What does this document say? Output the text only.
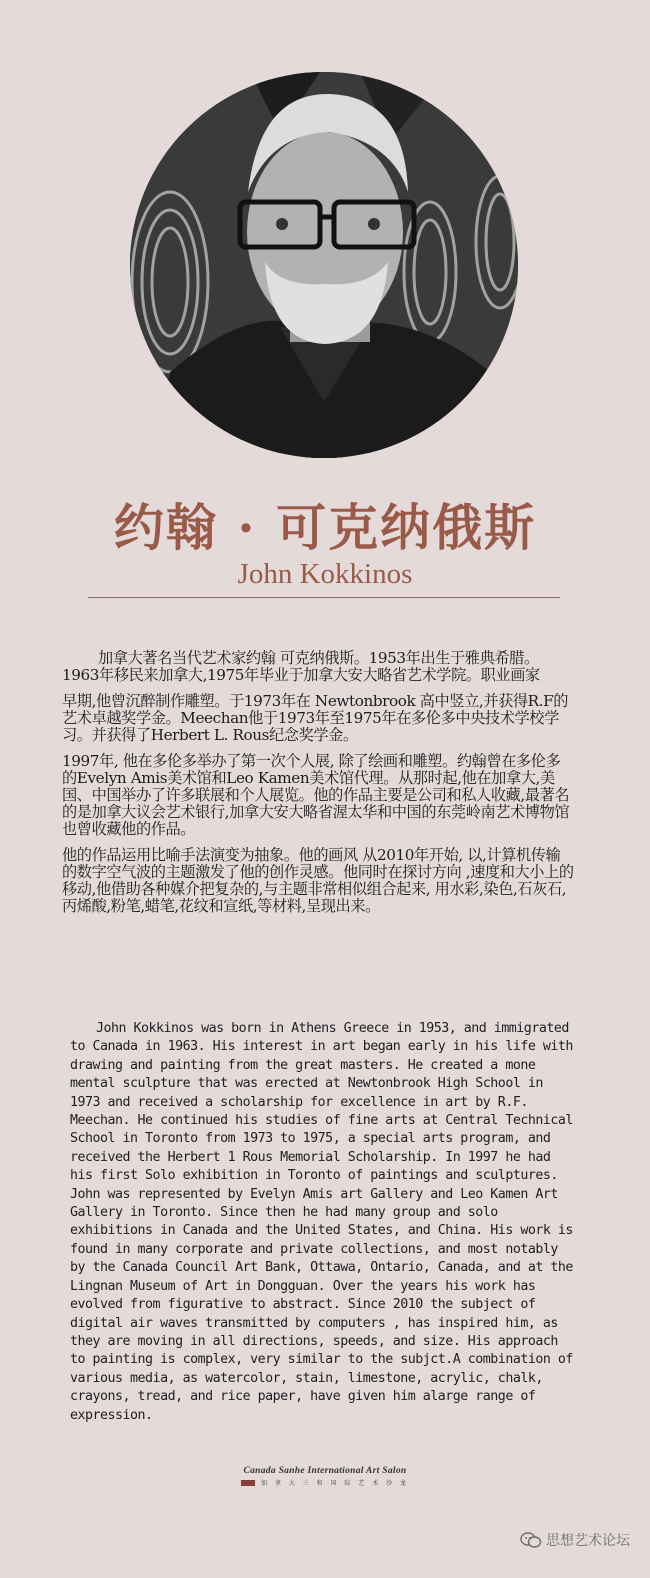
约翰 · 可克纳俄斯
John Kokkinos

加拿大著名当代艺术家约翰 可克纳俄斯。1953年出生于雅典希腊。1963年移民来加拿大,1975年毕业于加拿大安大略省艺术学院。职业画家

早期,他曾沉醉制作雕塑。于1973年在 Newtonbrook 高中竖立,并获得R.F的艺术卓越奖学金。Meechan他于1973年至1975年在多伦多中央技术学校学习。并获得了Herbert L. Rous纪念奖学金。

1997年, 他在多伦多举办了第一次个人展, 除了绘画和雕塑。约翰曾在多伦多的Evelyn Amis美术馆和Leo Kamen美术馆代理。从那时起,他在加拿大,美国、中国举办了许多联展和个人展览。他的作品主要是公司和私人收藏,最著名的是加拿大议会艺术银行,加拿大安大略省渥太华和中国的东莞岭南艺术博物馆也曾收藏他的作品。

他的作品运用比喻手法演变为抽象。他的画风 从2010年开始, 以,计算机传输的数字空气波的主题激发了他的创作灵感。他同时在探讨方向 ,速度和大小上的移动,他借助各种媒介把复杂的,与主题非常相似组合起来, 用水彩,染色,石灰石,丙烯酸,粉笔,蜡笔,花纹和宣纸,等材料,呈现出来。

John Kokkinos was born in Athens Greece in 1953, and immigrated to Canada in 1963. His interest in art began early in his life with drawing and painting from the great masters. He created a mone mental sculpture that was erected at Newtonbrook High School in 1973 and received a scholarship for excellence in art by R.F. Meechan. He continued his studies of fine arts at Central Technical School in Toronto from 1973 to 1975, a special arts program, and received the Herbert 1 Rous Memorial Scholarship. In 1997 he had his first Solo exhibition in Toronto of paintings and sculptures. John was represented by Evelyn Amis art Gallery and Leo Kamen Art Gallery in Toronto. Since then he had many group and solo exhibitions in Canada and the United States, and China. His work is found in many corporate and private collections, and most notably by the Canada Council Art Bank, Ottawa, Ontario, Canada, and at the Lingnan Museum of Art in Dongguan. Over the years his work has evolved from figurative to abstract. Since 2010 the subject of digital air waves transmitted by computers , has inspired him, as they are moving in all directions, speeds, and size. His approach to painting is complex, very similar to the subjct.A combination of various media, as watercolor, stain, limestone, acrylic, chalk, crayons, tread, and rice paper, have given him alarge range of expression.

Canada Sanhe International Art Salon
加 拿 大 三 和 国 际 艺 术 沙 龙
思想艺术论坛
